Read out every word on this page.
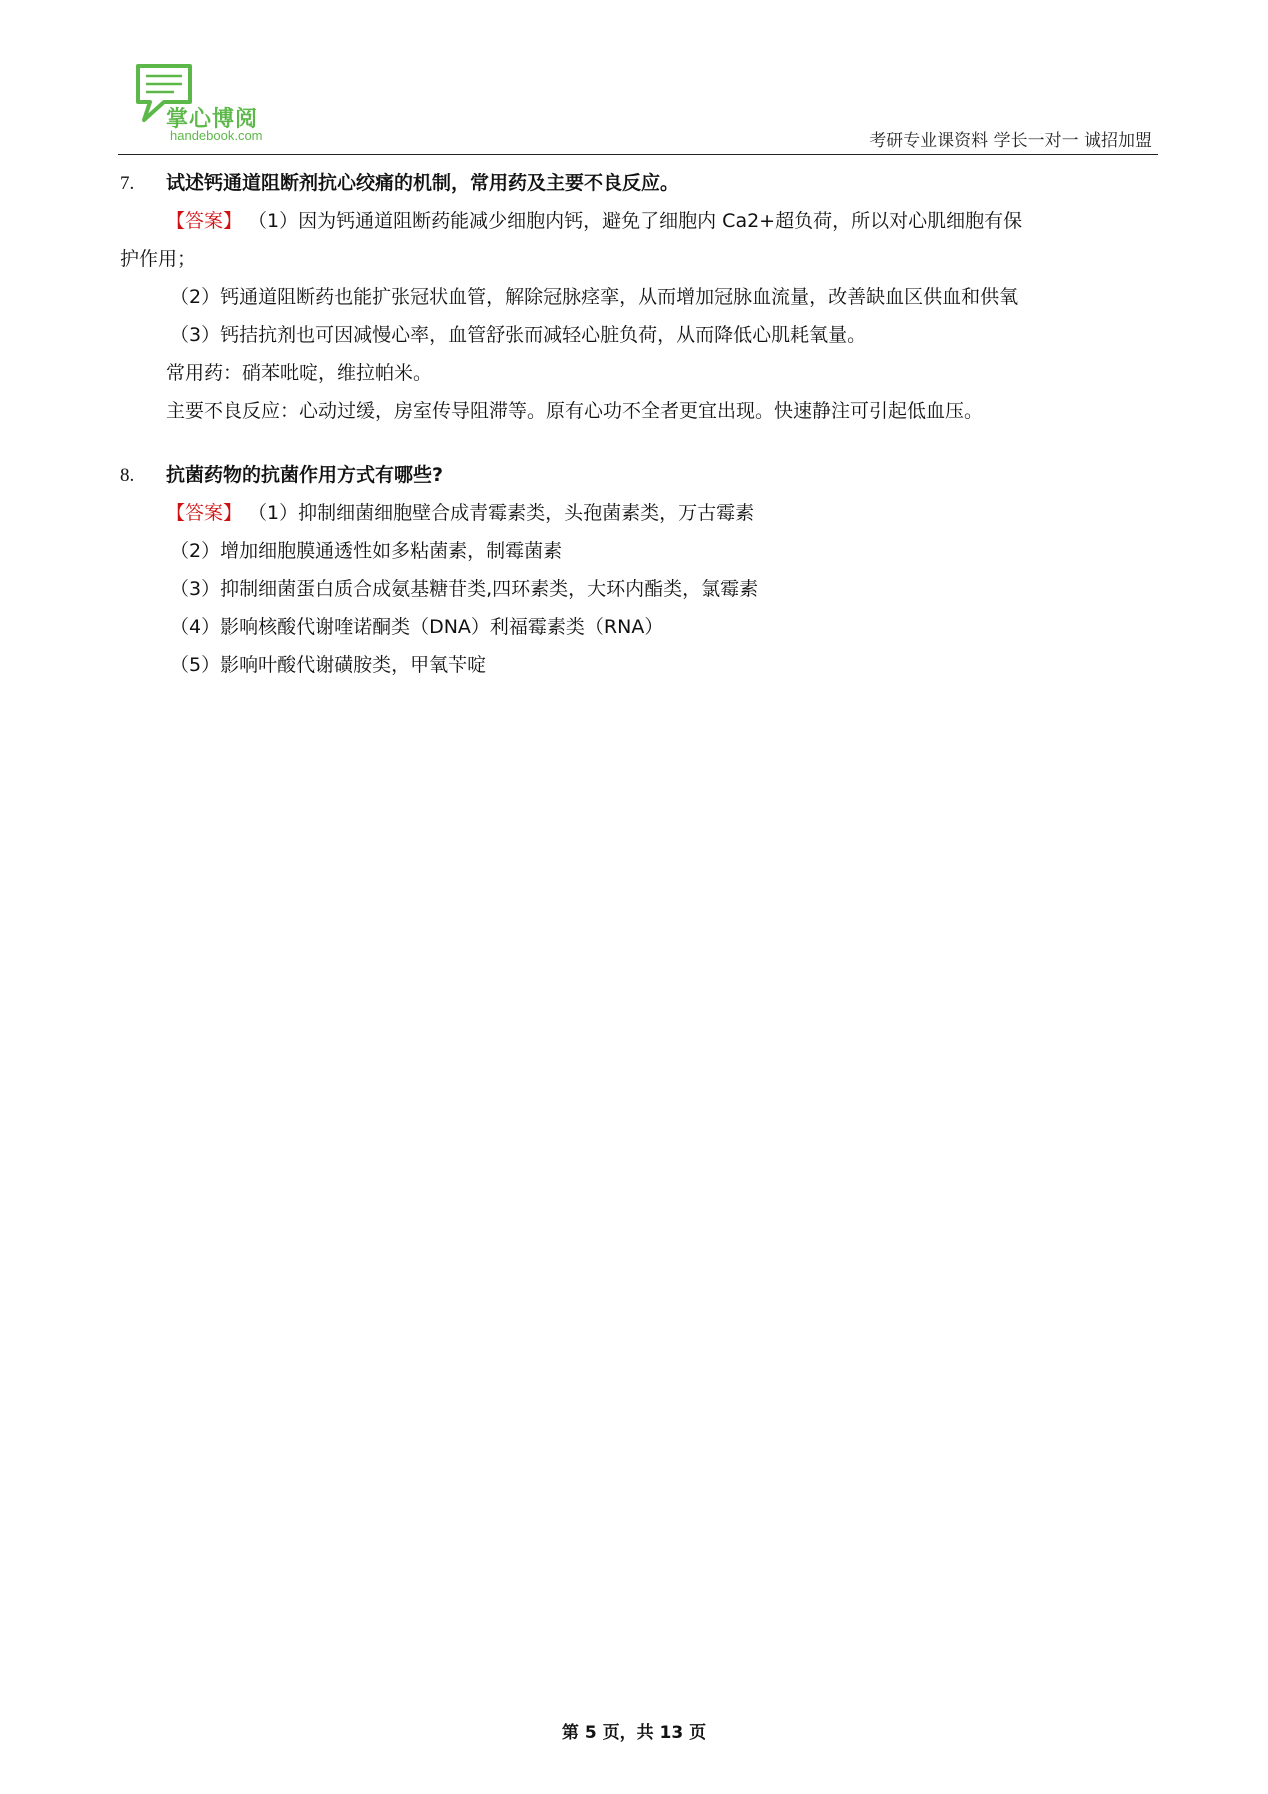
掌心博阅
handebook.com	考研专业课资料 学长一对一 诚招加盟
7. 试述钙通道阻断剂抗心绞痛的机制，常用药及主要不良反应。
【答案】 （1）因为钙通道阻断药能减少细胞内钙，避免了细胞内 Ca2+超负荷，所以对心肌细胞有保
护作用；
（2）钙通道阻断药也能扩张冠状血管，解除冠脉痉挛，从而增加冠脉血流量，改善缺血区供血和供氧
（3）钙拮抗剂也可因减慢心率，血管舒张而减轻心脏负荷，从而降低心肌耗氧量。
常用药：硝苯吡啶，维拉帕米。
主要不良反应：心动过缓，房室传导阻滞等。原有心功不全者更宜出现。快速静注可引起低血压。
8. 抗菌药物的抗菌作用方式有哪些?
【答案】 （1）抑制细菌细胞壁合成青霉素类，头孢菌素类，万古霉素
（2）增加细胞膜通透性如多粘菌素，制霉菌素
（3）抑制细菌蛋白质合成氨基糖苷类,四环素类，大环内酯类，氯霉素
（4）影响核酸代谢喹诺酮类（DNA）利福霉素类（RNA）
（5）影响叶酸代谢磺胺类，甲氧苄啶
第 5 页，共 13 页
